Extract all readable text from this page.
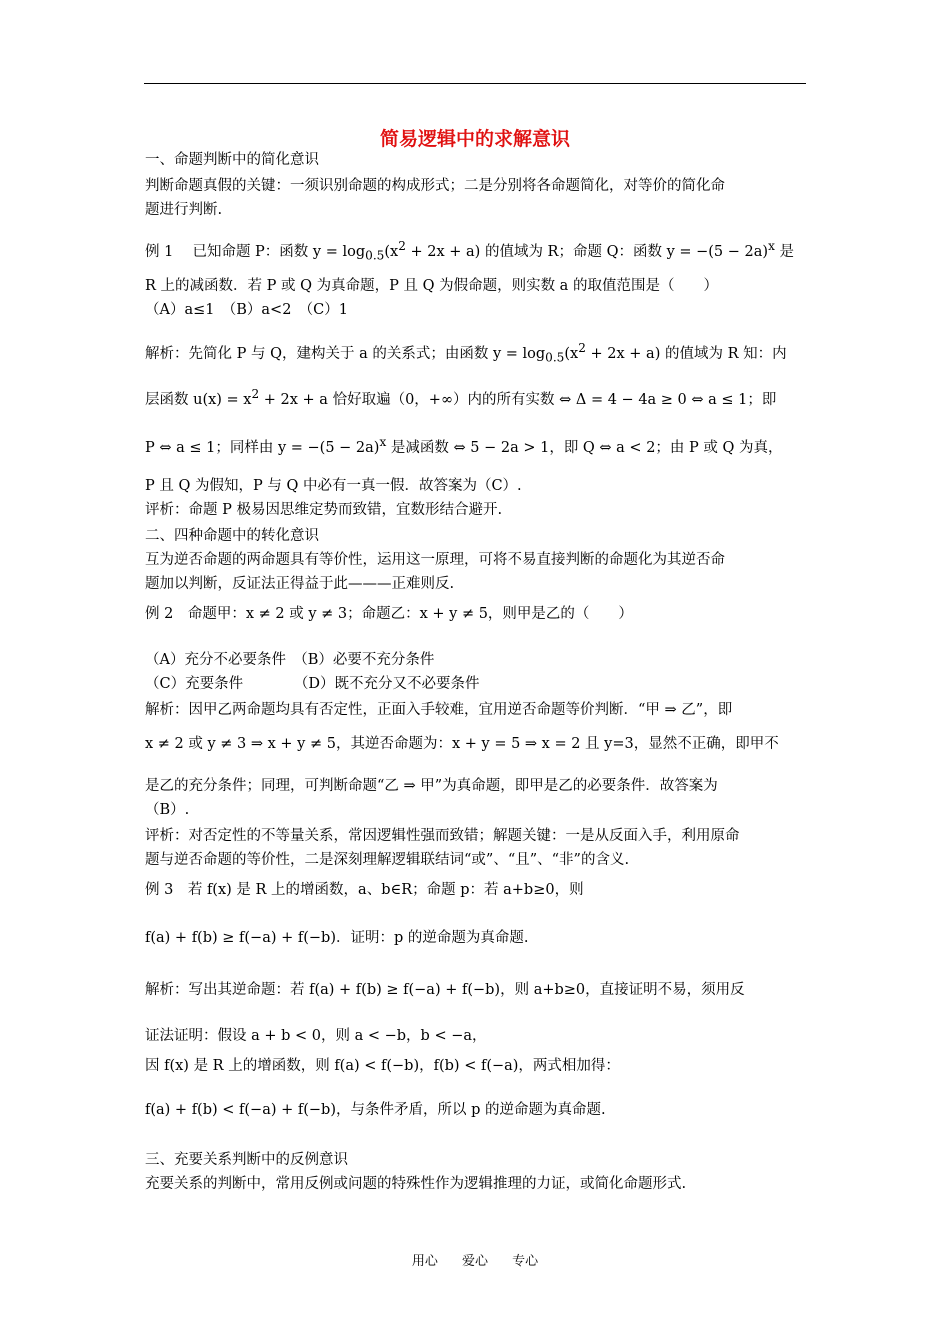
简易逻辑中的求解意识
一、命题判断中的简化意识
判断命题真假的关键：一须识别命题的构成形式；二是分别将各命题简化，对等价的简化命
题进行判断.
例 1　 已知命题 P：函数 $y = \log_{0.5}(x^2 + 2x + a)$ 的值域为 R；命题 Q：函数 $y = -(5 - 2a)^x$ 是
R 上的减函数．若 P 或 Q 为真命题，P 且 Q 为假命题，则实数 a 的取值范围是（　　）
（A）a≤1　（B）a<2　（C）1
解析：先简化 P 与 Q，建构关于 a 的关系式；由函数 $y = \log_{0.5}(x^2 + 2x + a)$ 的值域为 R 知：内
层函数 $u(x) = x^2 + 2x + a$ 恰好取遍（0，+∞）内的所有实数 ⇔ Δ = 4 − 4a ≥ 0 ⇔ a ≤ 1；即
P ⇔ a ≤ 1；同样由 $y = -(5 - 2a)^x$ 是减函数 ⇔ 5 − 2a > 1，即 Q ⇔ a < 2；由 P 或 Q 为真，
P 且 Q 为假知，P 与 Q 中必有一真一假．故答案为（C）.
评析：命题 P 极易因思维定势而致错，宜数形结合避开.
二、四种命题中的转化意识
互为逆否命题的两命题具有等价性，运用这一原理，可将不易直接判断的命题化为其逆否命
题加以判断，反证法正得益于此———正难则反.
例 2　命题甲：x ≠ 2 或 y ≠ 3；命题乙：x + y ≠ 5，则甲是乙的（　　）
（A）充分不必要条件　（B）必要不充分条件
（C）充要条件　　　　（D）既不充分又不必要条件
解析：因甲乙两命题均具有否定性，正面入手较难，宜用逆否命题等价判断．“甲 ⇒ 乙”，即
x ≠ 2 或 y ≠ 3 ⇒ x + y ≠ 5，其逆否命题为：x + y = 5 ⇒ x = 2 且 y=3，显然不正确，即甲不
是乙的充分条件；同理，可判断命题“乙 ⇒ 甲”为真命题，即甲是乙的必要条件．故答案为
（B）.
评析：对否定性的不等量关系，常因逻辑性强而致错；解题关键：一是从反面入手，利用原命
题与逆否命题的等价性，二是深刻理解逻辑联结词“或”、“且”、“非”的含义.
例 3　若 f(x) 是 R 上的增函数，a、b∈R；命题 p：若 a+b≥0，则
f(a) + f(b) ≥ f(−a) + f(−b)．证明：p 的逆命题为真命题.
解析：写出其逆命题：若 f(a) + f(b) ≥ f(−a) + f(−b)，则 a+b≥0，直接证明不易，须用反
证法证明：假设 a + b < 0，则 a < −b，b < −a，
因 f(x) 是 R 上的增函数，则 f(a) < f(−b)，f(b) < f(−a)，两式相加得：
f(a) + f(b) < f(−a) + f(−b)，与条件矛盾，所以 p 的逆命题为真命题.
三、充要关系判断中的反例意识
充要关系的判断中，常用反例或问题的特殊性作为逻辑推理的力证，或简化命题形式.
用心 爱心 专心
